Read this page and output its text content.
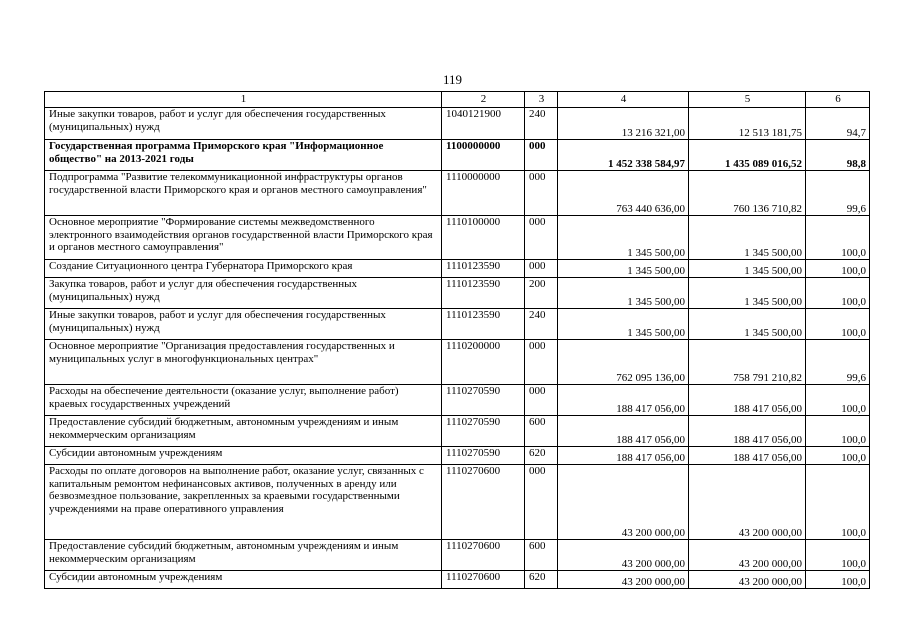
119
1	2	3	4	5	6
Иные закупки товаров, работ и услуг для обеспечения государственных (муниципальных) нужд	1040121900	240	13 216 321,00	12 513 181,75	94,7
Государственная программа Приморского края "Информационное общество" на 2013-2021 годы	1100000000	000	1 452 338 584,97	1 435 089 016,52	98,8
Подпрограмма "Развитие телекоммуникационной инфраструктуры органов государственной власти Приморского края и органов местного самоуправления"	1110000000	000	763 440 636,00	760 136 710,82	99,6
Основное мероприятие "Формирование системы межведомственного электронного взаимодействия органов государственной власти Приморского края и органов местного самоуправления"	1110100000	000	1 345 500,00	1 345 500,00	100,0
Создание Ситуационного центра Губернатора Приморского края	1110123590	000	1 345 500,00	1 345 500,00	100,0
Закупка товаров, работ и услуг для обеспечения государственных (муниципальных) нужд	1110123590	200	1 345 500,00	1 345 500,00	100,0
Иные закупки товаров, работ и услуг для обеспечения государственных (муниципальных) нужд	1110123590	240	1 345 500,00	1 345 500,00	100,0
Основное мероприятие "Организация предоставления государственных и муниципальных услуг в многофункциональных центрах"	1110200000	000	762 095 136,00	758 791 210,82	99,6
Расходы на обеспечение деятельности (оказание услуг, выполнение работ) краевых государственных учреждений	1110270590	000	188 417 056,00	188 417 056,00	100,0
Предоставление субсидий бюджетным, автономным учреждениям и иным некоммерческим организациям	1110270590	600	188 417 056,00	188 417 056,00	100,0
Субсидии автономным учреждениям	1110270590	620	188 417 056,00	188 417 056,00	100,0
Расходы по оплате договоров на выполнение работ, оказание услуг, связанных с капитальным ремонтом нефинансовых активов, полученных в аренду или безвозмездное пользование, закрепленных за краевыми государственными учреждениями на праве оперативного управления	1110270600	000	43 200 000,00	43 200 000,00	100,0
Предоставление субсидий бюджетным, автономным учреждениям и иным некоммерческим организациям	1110270600	600	43 200 000,00	43 200 000,00	100,0
Субсидии автономным учреждениям	1110270600	620	43 200 000,00	43 200 000,00	100,0
